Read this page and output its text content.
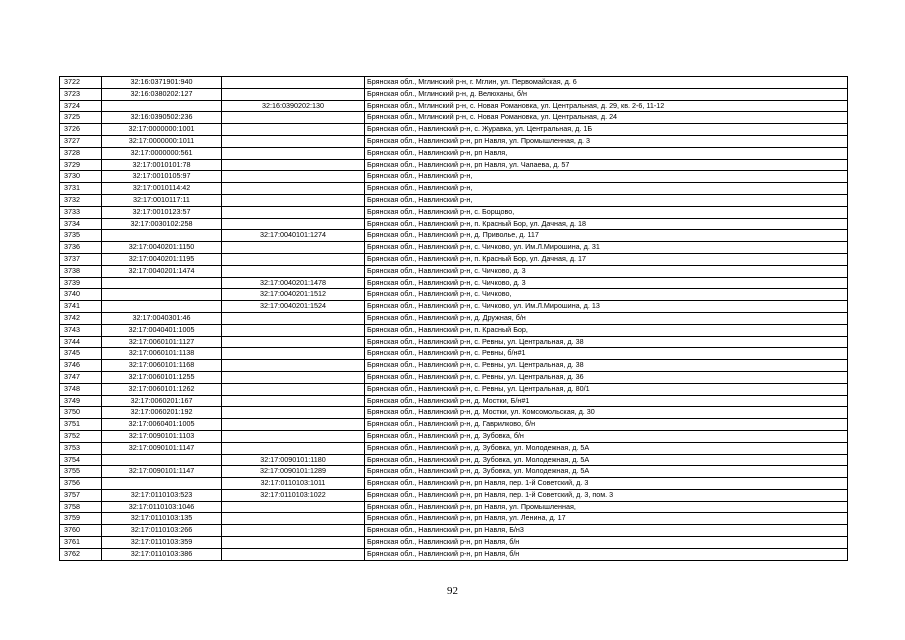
3722	32:16:0371901:940		Брянская обл., Мглинский р-н, г. Мглин, ул. Первомайская, д. 6
3723	32:16:0380202:127		Брянская обл., Мглинский р-н, д. Велюханы, б/н
3724		32:16:0390202:130	Брянская обл., Мглинский р-н, с. Новая Романовка, ул. Центральная, д. 29, кв. 2-6, 11-12
3725	32:16:0390502:236		Брянская обл., Мглинский р-н, с. Новая Романовка, ул. Центральная, д. 24
3726	32:17:0000000:1001		Брянская обл., Навлинский р-н, с. Журавка, ул. Центральная, д. 1Б
3727	32:17:0000000:1011		Брянская обл., Навлинский р-н, рп Навля, ул. Промышленная, д. 3
3728	32:17:0000000:561		Брянская обл., Навлинский р-н, рп Навля,
3729	32:17:0010101:78		Брянская обл., Навлинский р-н, рп Навля, ул. Чапаева, д. 57
3730	32:17:0010105:97		Брянская обл., Навлинский р-н,
3731	32:17:0010114:42		Брянская обл., Навлинский р-н,
3732	32:17:0010117:11		Брянская обл., Навлинский р-н,
3733	32:17:0010123:57		Брянская обл., Навлинский р-н, с. Борщово,
3734	32:17:0030102:258		Брянская обл., Навлинский р-н, п. Красный Бор, ул. Дачная, д. 18
3735		32:17:0040101:1274	Брянская обл., Навлинский р-н, д. Приволье, д. 117
3736	32:17:0040201:1150		Брянская обл., Навлинский р-н, с. Чичково, ул. Им.Л.Мирошина, д. 31
3737	32:17:0040201:1195		Брянская обл., Навлинский р-н, п. Красный Бор, ул. Дачная, д. 17
3738	32:17:0040201:1474		Брянская обл., Навлинский р-н, с. Чичково, д. 3
3739		32:17:0040201:1478	Брянская обл., Навлинский р-н, с. Чичково, д. 3
3740		32:17:0040201:1512	Брянская обл., Навлинский р-н, с. Чичково,
3741		32:17:0040201:1524	Брянская обл., Навлинский р-н, с. Чичково, ул. Им.Л.Мирошина, д. 13
3742	32:17:0040301:46		Брянская обл., Навлинский р-н, д. Дружная, б/н
3743	32:17:0040401:1005		Брянская обл., Навлинский р-н, п. Красный Бор,
3744	32:17:0060101:1127		Брянская обл., Навлинский р-н, с. Ревны, ул. Центральная, д. 38
3745	32:17:0060101:1138		Брянская обл., Навлинский р-н, с. Ревны, б/н#1
3746	32:17:0060101:1168		Брянская обл., Навлинский р-н, с. Ревны, ул. Центральная, д. 38
3747	32:17:0060101:1255		Брянская обл., Навлинский р-н, с. Ревны, ул. Центральная, д. 36
3748	32:17:0060101:1262		Брянская обл., Навлинский р-н, с. Ревны, ул. Центральная, д. 80/1
3749	32:17:0060201:167		Брянская обл., Навлинский р-н, д. Мостки, Б/н#1
3750	32:17:0060201:192		Брянская обл., Навлинский р-н, д. Мостки, ул. Комсомольская, д. 30
3751	32:17:0060401:1005		Брянская обл., Навлинский р-н, д. Гаврилково, б/н
3752	32:17:0090101:1103		Брянская обл., Навлинский р-н, д. Зубовка, б/н
3753	32:17:0090101:1147		Брянская обл., Навлинский р-н, д. Зубовка, ул. Молодежная, д. 5А
3754		32:17:0090101:1180	Брянская обл., Навлинский р-н, д. Зубовка, ул. Молодежная, д. 5А
3755	32:17:0090101:1147	32:17:0090101:1289	Брянская обл., Навлинский р-н, д. Зубовка, ул. Молодежная, д. 5А
3756		32:17:0110103:1011	Брянская обл., Навлинский р-н, рп Навля, пер. 1-й Советский, д. 3
3757	32:17:0110103:523	32:17:0110103:1022	Брянская обл., Навлинский р-н, рп Навля, пер. 1-й Советский, д. 3, пом. 3
3758	32:17:0110103:1046		Брянская обл., Навлинский р-н, рп Навля, ул. Промышленная,
3759	32:17:0110103:135		Брянская обл., Навлинский р-н, рп Навля, ул. Ленина, д. 17
3760	32:17:0110103:266		Брянская обл., Навлинский р-н, рп Навля, Б/н3
3761	32:17:0110103:359		Брянская обл., Навлинский р-н, рп Навля, б/н
3762	32:17:0110103:386		Брянская обл., Навлинский р-н, рп Навля, б/н
92
